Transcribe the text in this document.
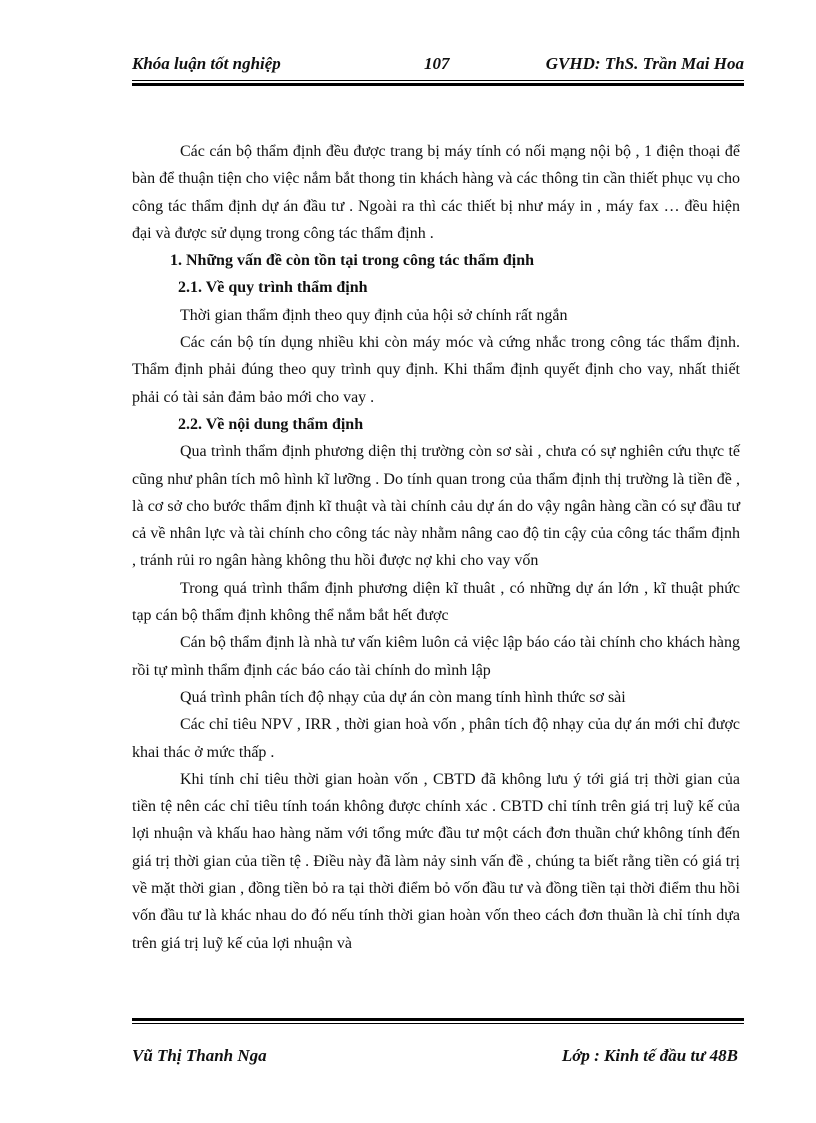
Khóa luận tốt nghiệp	107	GVHD: ThS. Trần Mai Hoa

Các cán bộ thẩm định đều được trang bị máy tính có nối mạng nội bộ , 1 điện thoại để bàn để thuận tiện cho việc nắm bắt thong tin khách hàng và các thông tin cần thiết phục vụ cho công tác thẩm định dự án đầu tư . Ngoài ra thì các thiết bị như máy in , máy fax … đều hiện đại và được sử dụng trong công tác thẩm định .

1. Những vấn đề còn tồn tại trong công tác thẩm định

2.1. Về quy trình thẩm định

Thời gian thẩm định theo quy định của hội sở chính rất ngắn

Các cán bộ tín dụng nhiều khi còn máy móc và cứng nhắc trong công tác thẩm định. Thẩm định phải đúng theo quy trình quy định. Khi thẩm định quyết định cho vay, nhất thiết phải có tài sản đảm bảo mới cho vay .

2.2. Về nội dung thẩm định

Qua trình thẩm định phương diện thị trường còn sơ sài , chưa có sự nghiên cứu thực tế cũng như phân tích mô hình kĩ lưỡng . Do tính quan trong của thẩm định thị trường là tiền đề , là cơ sở cho bước thẩm định kĩ thuật và tài chính cảu dự án do vậy ngân hàng cần có sự đầu tư cả về nhân lực và tài chính cho công tác này nhằm nâng cao độ tin cậy của công tác thẩm định , tránh rủi ro ngân hàng không thu hồi được nợ khi cho vay vốn

Trong quá trình thẩm định phương diện kĩ thuât , có những dự án lớn , kĩ thuật phức tạp cán bộ thẩm định không thể nắm bắt hết được

Cán bộ thẩm định là nhà tư vấn kiêm luôn cả việc lập báo cáo tài chính cho khách hàng rồi tự mình thẩm định các báo cáo tài chính do mình lập

Quá trình phân tích độ nhạy của dự án còn mang tính hình thức sơ sài

Các chỉ tiêu NPV , IRR , thời gian hoà vốn , phân tích độ nhạy của dự án mới chỉ được khai thác ở mức thấp .

Khi tính chỉ tiêu thời gian hoàn vốn , CBTD đã không lưu ý tới giá trị thời gian của tiền tệ nên các chỉ tiêu tính toán không được chính xác . CBTD chỉ tính trên giá trị luỹ kế của lợi nhuận và khấu hao hàng năm với tổng mức đầu tư một cách đơn thuần chứ không tính đến giá trị thời gian của tiền tệ . Điều này đã làm nảy sinh vấn đề , chúng ta biết rằng tiền có giá trị về mặt thời gian , đồng tiền bỏ ra tại thời điểm bỏ vốn đầu tư và đồng tiền tại thời điểm thu hồi vốn đầu tư là khác nhau do đó nếu tính thời gian hoàn vốn theo cách đơn thuần là chỉ tính dựa trên giá trị luỹ kế của lợi nhuận và

Vũ Thị Thanh Nga	Lớp : Kinh tế đầu tư 48B
